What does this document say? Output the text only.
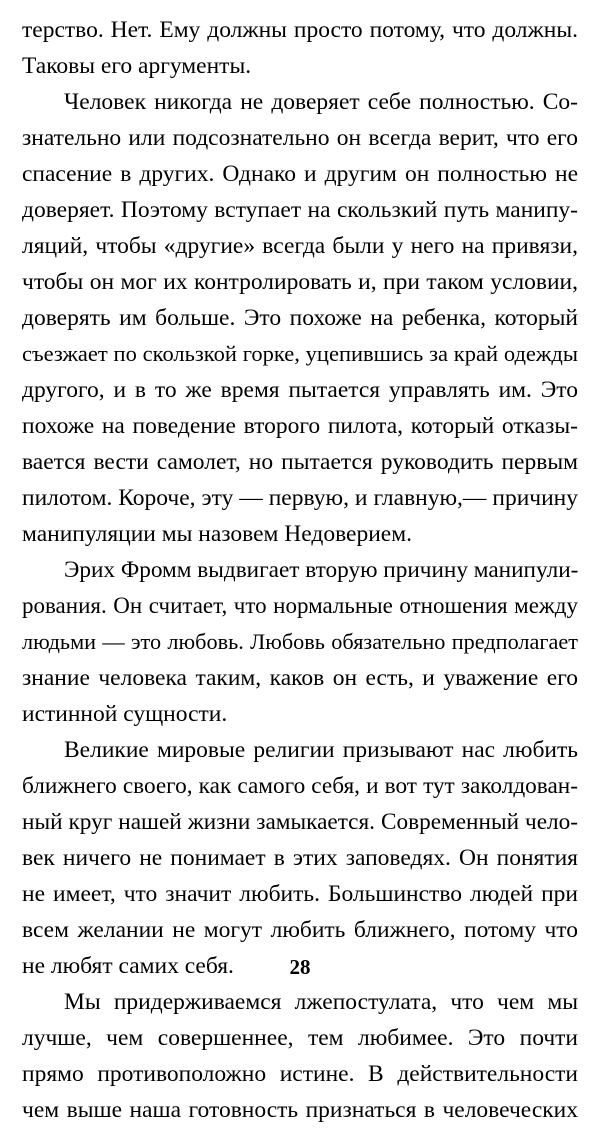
терство. Нет. Ему должны просто потому, что должны.
Таковы его аргументы.
Человек никогда не доверяет себе полностью. Со-
знательно или подсознательно он всегда верит, что его
спасение в других. Однако и другим он полностью не
доверяет. Поэтому вступает на скользкий путь манипу-
ляций, чтобы «другие» всегда были у него на привязи,
чтобы он мог их контролировать и, при таком условии,
доверять им больше. Это похоже на ребенка, который
съезжает по скользкой горке, уцепившись за край одежды
другого, и в то же время пытается управлять им. Это
похоже на поведение второго пилота, который отказы-
вается вести самолет, но пытается руководить первым
пилотом. Короче, эту — первую, и главную,— причину
манипуляции мы назовем Недоверием.
Эрих Фромм выдвигает вторую причину манипули-
рования. Он считает, что нормальные отношения между
людьми — это любовь. Любовь обязательно предполагает
знание человека таким, каков он есть, и уважение его
истинной сущности.
Великие мировые религии призывают нас любить
ближнего своего, как самого себя, и вот тут заколдован-
ный круг нашей жизни замыкается. Современный чело-
век ничего не понимает в этих заповедях. Он понятия
не имеет, что значит любить. Большинство людей при
всем желании не могут любить ближнего, потому что
не любят самих себя.
Мы придерживаемся лжепостулата, что чем мы
лучше, чем совершеннее, тем любимее. Это почти
прямо противоположно истине. В действительности
чем выше наша готовность признаться в человеческих
28
